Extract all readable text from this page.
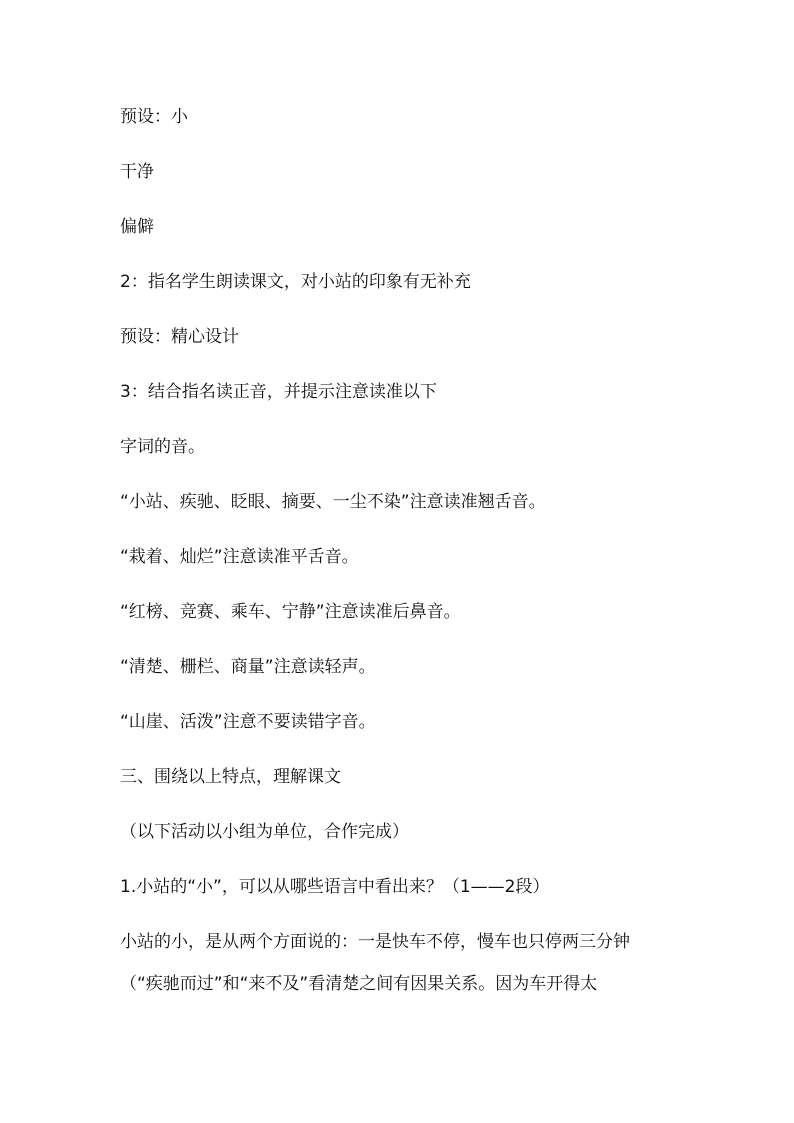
预设：小
干净
偏僻
2：指名学生朗读课文，对小站的印象有无补充
预设：精心设计
3：结合指名读正音，并提示注意读准以下
字词的音。
“小站、疾驰、眨眼、摘要、一尘不染”注意读准翘舌音。
“栽着、灿烂”注意读准平舌音。
“红榜、竞赛、乘车、宁静”注意读准后鼻音。
“清楚、栅栏、商量”注意读轻声。
“山崖、活泼”注意不要读错字音。
三、围绕以上特点，理解课文
（以下活动以小组为单位，合作完成）
1.小站的“小”，可以从哪些语言中看出来？（1——2段）
小站的小，是从两个方面说的：一是快车不停，慢车也只停两三分钟
（“疾驰而过”和“来不及”看清楚之间有因果关系。因为车开得太
